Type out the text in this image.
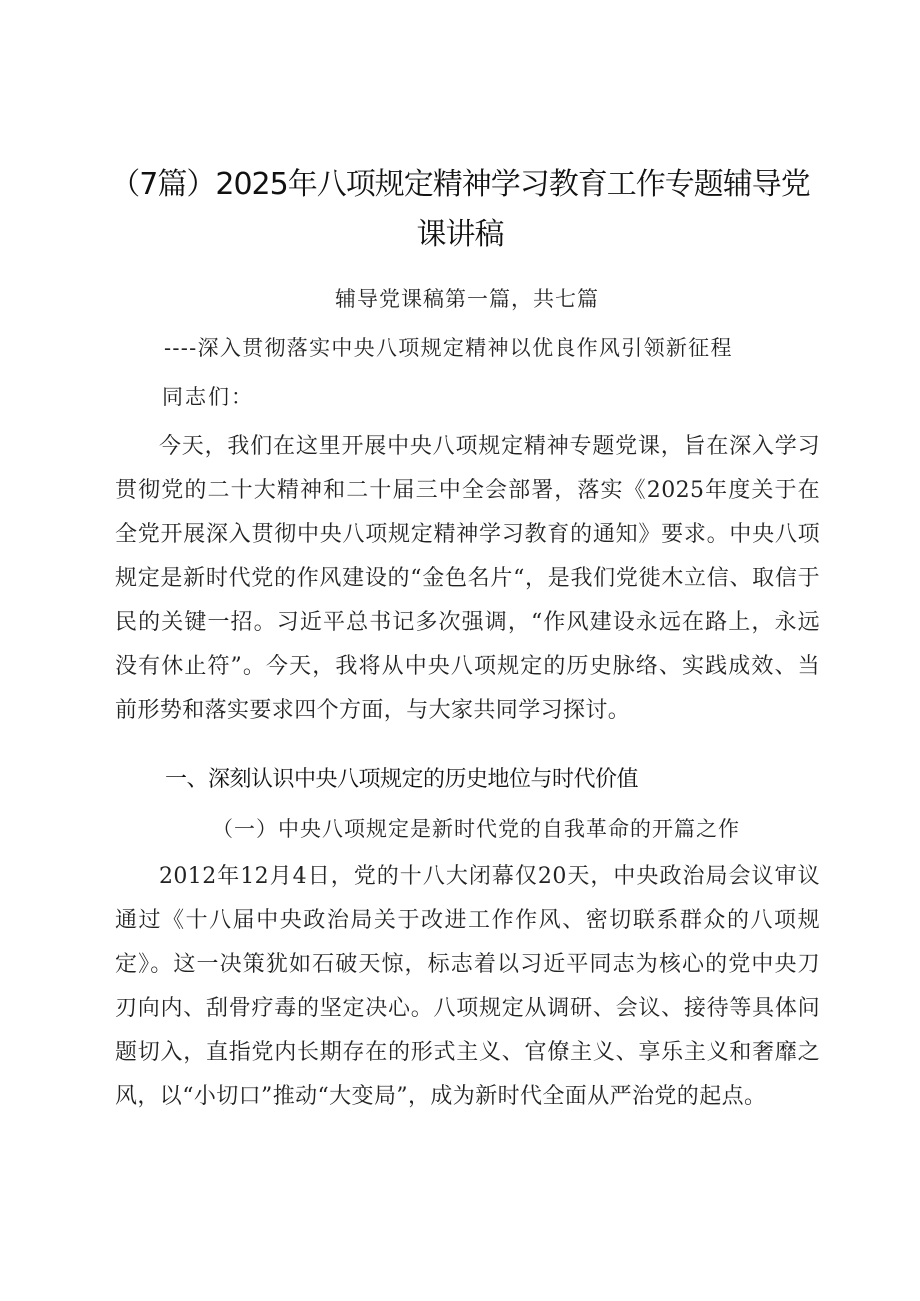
（7篇）2025年八项规定精神学习教育工作专题辅导党
课讲稿
辅导党课稿第一篇，共七篇
----深入贯彻落实中央八项规定精神以优良作风引领新征程
同志们：
今天，我们在这里开展中央八项规定精神专题党课，旨在深入学习贯彻党的二十大精神和二十届三中全会部署，落实《2025年度关于在全党开展深入贯彻中央八项规定精神学习教育的通知》要求。中央八项规定是新时代党的作风建设的“金色名片“，是我们党徙木立信、取信于民的关键一招。习近平总书记多次强调，“作风建设永远在路上，永远没有休止符”。今天，我将从中央八项规定的历史脉络、实践成效、当前形势和落实要求四个方面，与大家共同学习探讨。
一、深刻认识中央八项规定的历史地位与时代价值
（一）中央八项规定是新时代党的自我革命的开篇之作
2012年12月4日，党的十八大闭幕仅20天，中央政治局会议审议通过《十八届中央政治局关于改进工作作风、密切联系群众的八项规定》。这一决策犹如石破天惊，标志着以习近平同志为核心的党中央刀刃向内、刮骨疗毒的坚定决心。八项规定从调研、会议、接待等具体问题切入，直指党内长期存在的形式主义、官僚主义、享乐主义和奢靡之风，以“小切口”推动“大变局”，成为新时代全面从严治党的起点。
